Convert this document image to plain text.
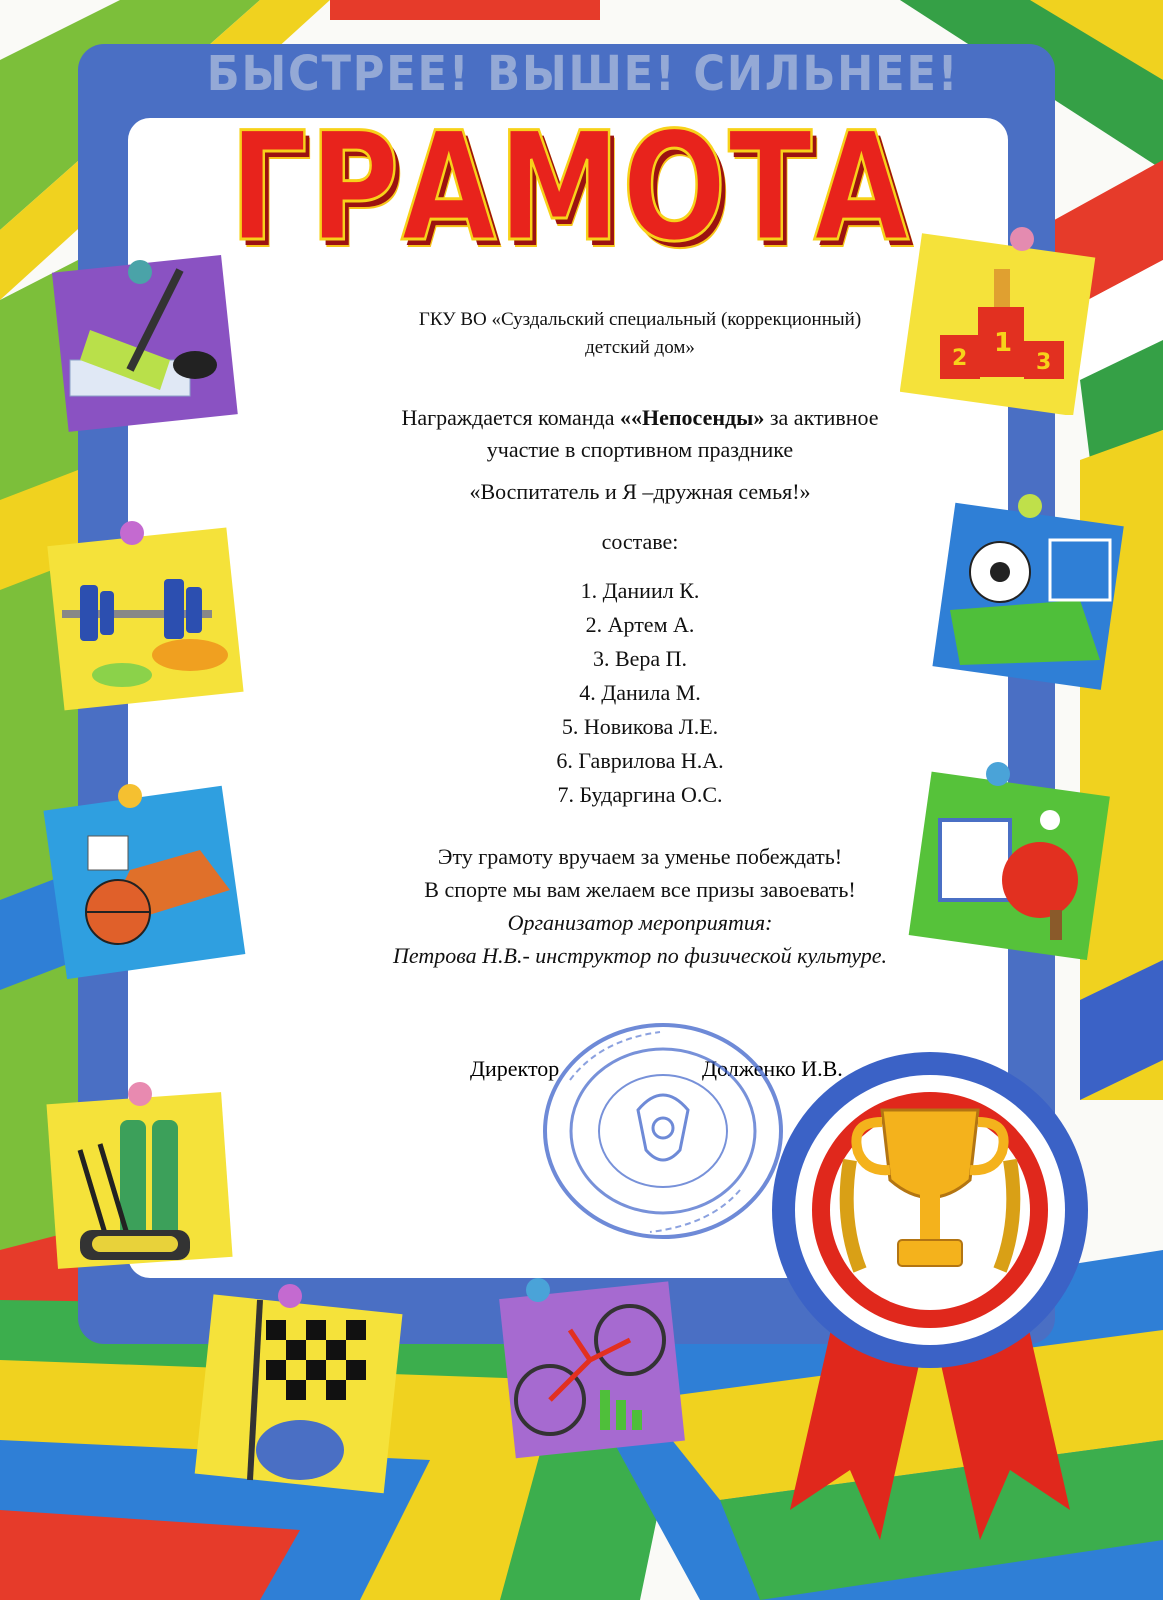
БЫСТРЕЕ! ВЫШЕ! СИЛЬНЕЕ!
ГРАМОТА
1
2	3
ГКУ ВО «Суздальский специальный (коррекционный)
детский дом»
Награждается команда ««Непосенды» за активное
участие в спортивном празднике
«Воспитатель и Я –дружная семья!»
составе:
1. Даниил К.
2. Артем А.
3. Вера П.
4. Данила М.
5. Новикова Л.Е.
6. Гаврилова Н.А.
7. Бударгина О.С.
Эту грамоту вручаем за уменье побеждать!
В спорте мы вам желаем все призы завоевать!
Организатор мероприятия:
Петрова Н.В.- инструктор по физической культуре.
Директор	Долженко И.В.
